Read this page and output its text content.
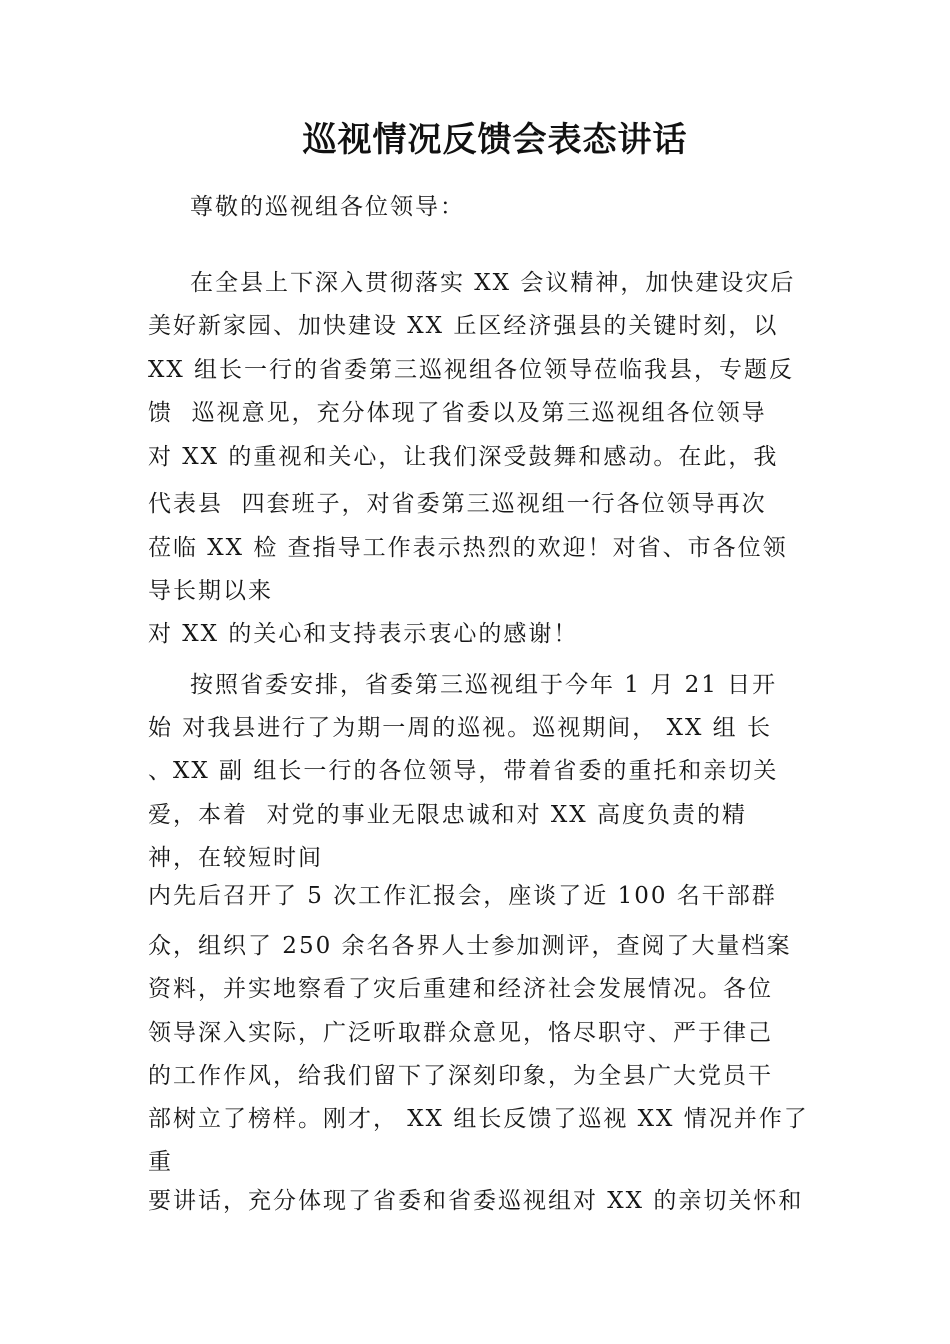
巡视情况反馈会表态讲话
尊敬的巡视组各位领导：
在全县上下深入贯彻落实 XX 会议精神，加快建设灾后
美好新家园、加快建设 XX 丘区经济强县的关键时刻，以
XX 组长一行的省委第三巡视组各位领导莅临我县，专题反
馈  巡视意见，充分体现了省委以及第三巡视组各位领导
对 XX 的重视和关心，让我们深受鼓舞和感动。在此，我
代表县  四套班子，对省委第三巡视组一行各位领导再次
莅临 XX 检 查指导工作表示热烈的欢迎！对省、市各位领
导长期以来
对 XX 的关心和支持表示衷心的感谢！
按照省委安排，省委第三巡视组于今年 1 月 21 日开
始 对我县进行了为期一周的巡视。巡视期间， XX 组 长
、XX 副 组长一行的各位领导，带着省委的重托和亲切关
爱，本着  对党的事业无限忠诚和对 XX 高度负责的精
神，在较短时间
内先后召开了 5 次工作汇报会，座谈了近 100 名干部群
众，组织了 250 余名各界人士参加测评，查阅了大量档案
资料，并实地察看了灾后重建和经济社会发展情况。各位
领导深入实际，广泛听取群众意见，恪尽职守、严于律己
的工作作风，给我们留下了深刻印象，为全县广大党员干
部树立了榜样。刚才， XX 组长反馈了巡视 XX 情况并作了
重
要讲话，充分体现了省委和省委巡视组对 XX 的亲切关怀和
